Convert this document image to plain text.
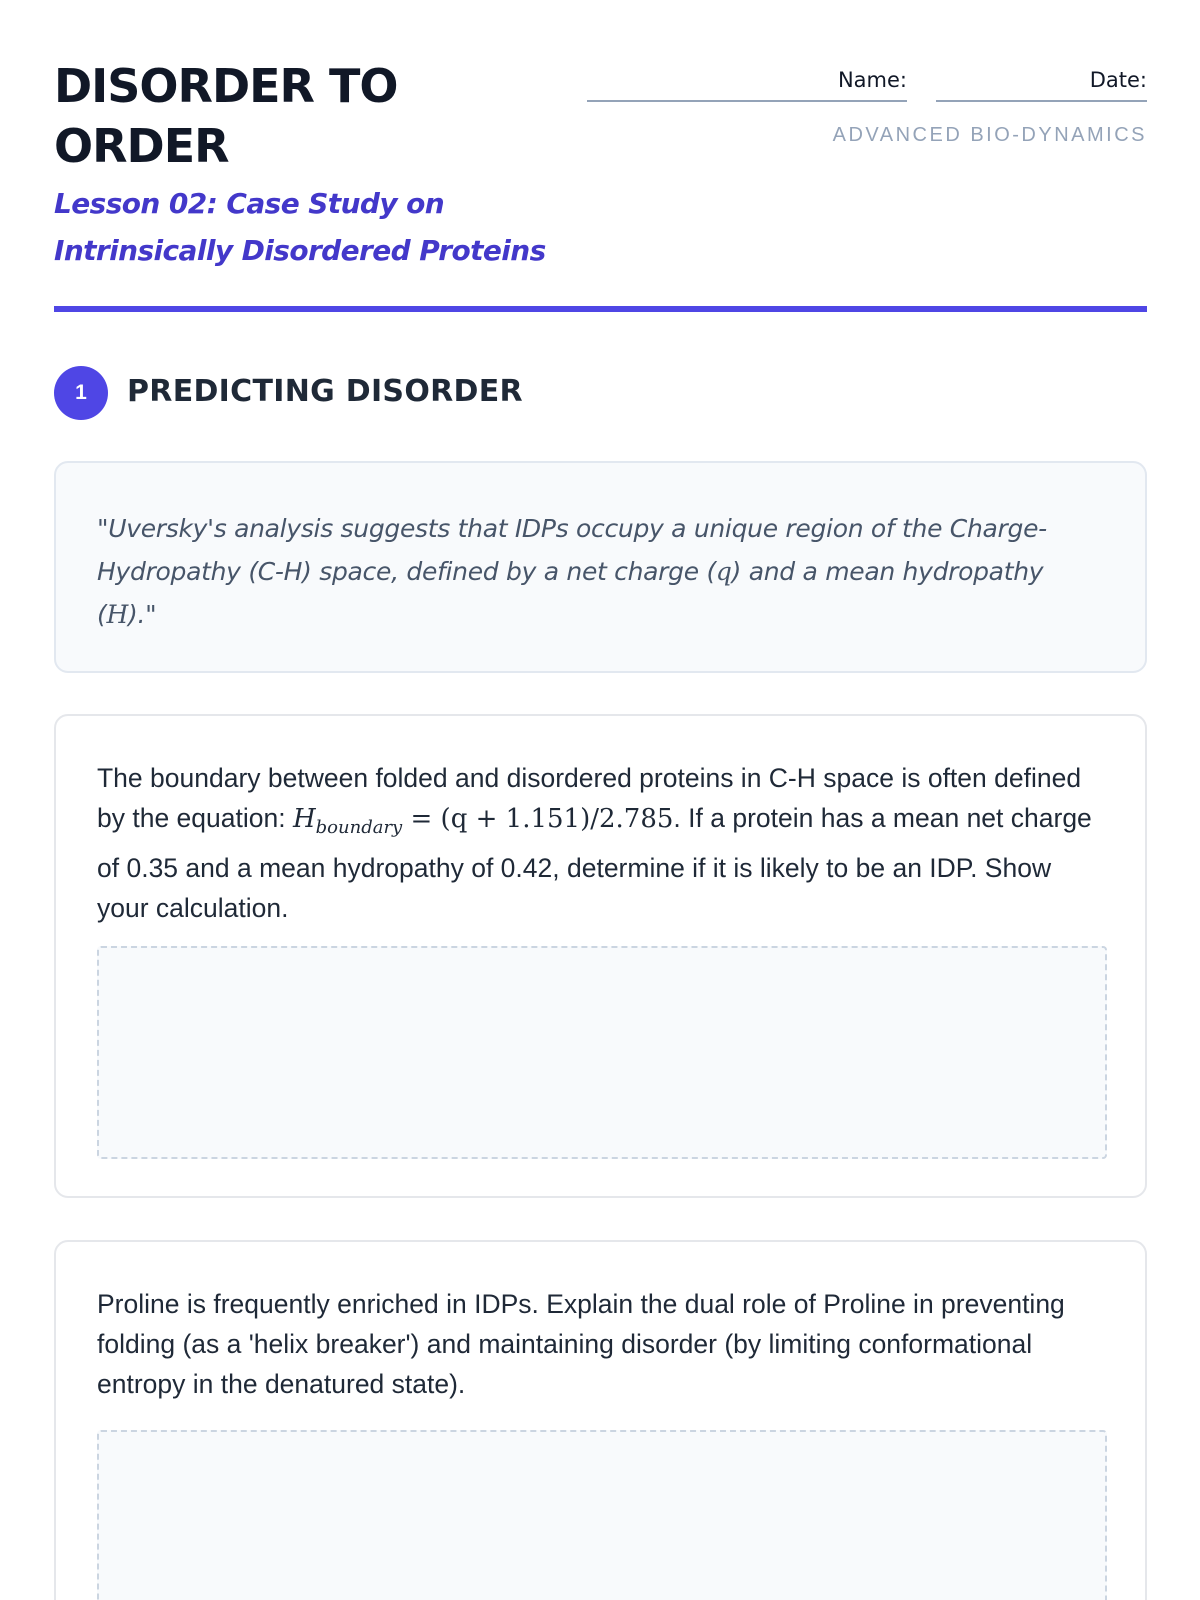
DISORDER TO ORDER
Lesson 02: Case Study on Intrinsically Disordered Proteins
Name:	Date:
ADVANCED BIO-DYNAMICS
1	PREDICTING DISORDER

"Uversky's analysis suggests that IDPs occupy a unique region of the Charge-Hydropathy (C-H) space, defined by a net charge (q) and a mean hydropathy (H)."

The boundary between folded and disordered proteins in C-H space is often defined by the equation: $H_{boundary} = (q + 1.151)/2.785$. If a protein has a mean net charge of 0.35 and a mean hydropathy of 0.42, determine if it is likely to be an IDP. Show your calculation.

Proline is frequently enriched in IDPs. Explain the dual role of Proline in preventing folding (as a 'helix breaker') and maintaining disorder (by limiting conformational entropy in the denatured state).
